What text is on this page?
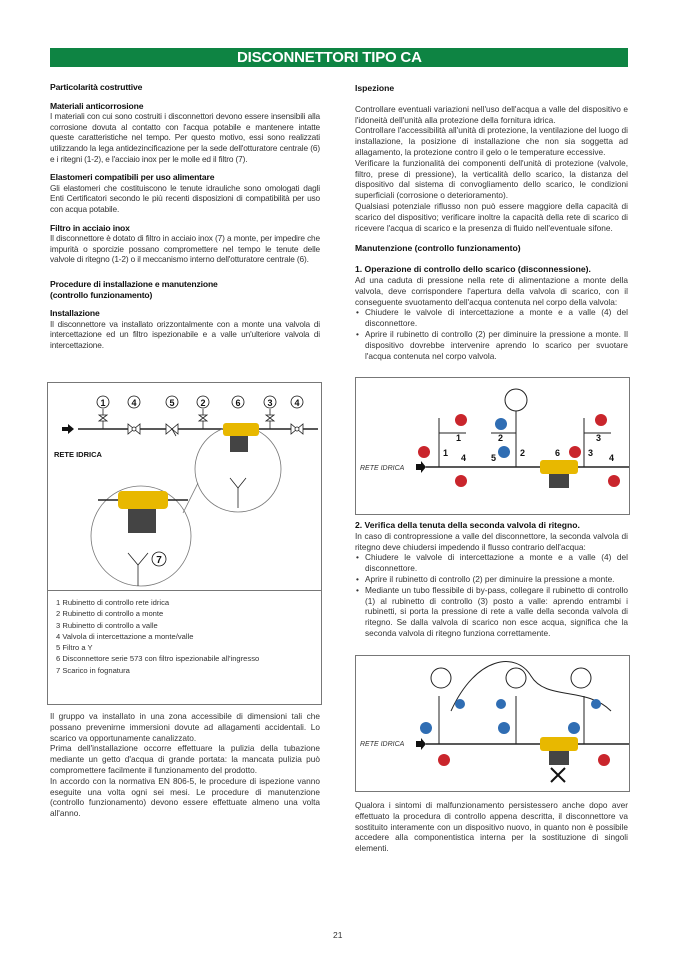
DISCONNETTORI TIPO CA
Particolarità costruttive
Materiali anticorrosione

I materiali con cui sono costruiti i disconnettori devono essere insensibili alla corrosione dovuta al contatto con l'acqua potabile e mantenere intatte queste caratteristiche nel tempo. Per questo motivo, essi sono realizzati utilizzando la lega antidezincificazione per la sede dell'otturatore centrale (6) e i ritegni (1-2), e l'acciaio inox per le molle ed il filtro (7).

Elastomeri compatibili per uso alimentare

Gli elastomeri che costituiscono le tenute idrauliche sono omologati dagli Enti Certificatori secondo le più recenti disposizioni di compatibilità per uso con acqua potabile.

Filtro in acciaio inox

Il disconnettore è dotato di filtro in acciaio inox (7) a monte, per impedire che impurità o sporcizie possano compromettere nel tempo le tenute delle valvole di ritegno (1-2) o il meccanismo interno dell'otturatore centrale (6).

Procedure di installazione e manutenzione
(controllo funzionamento)
Installazione

Il disconnettore va installato orizzontalmente con a monte una valvola di intercettazione ed un filtro ispezionabile e a valle un'ulteriore valvola di intercettazione.

1	4	5	2	6	3 4
7
RETE IDRICA
1 Rubinetto di controllo rete idrica
2 Rubinetto di controllo a monte
3 Rubinetto di controllo a valle
4 Valvola di intercettazione a monte/valle
5 Filtro a Y
6 Disconnettore serie 573 con filtro ispezionabile all'ingresso
7 Scarico in fognatura

Il gruppo va installato in una zona accessibile di dimensioni tali che possano prevenirne immersioni dovute ad allagamenti accidentali. Lo scarico va opportunamente canalizzato.

Prima dell'installazione occorre effettuare la pulizia della tubazione mediante un getto d'acqua di grande portata: la mancata pulizia può compromettere facilmente il funzionamento del prodotto.

In accordo con la normativa EN 806-5, le procedure di ispezione vanno eseguite una volta ogni sei mesi. Le procedure di manutenzione (controllo funzionamento) devono essere effettuate almeno una volta all'anno.

Ispezione

Controllare eventuali variazioni nell'uso dell'acqua a valle del dispositivo e l'idoneità dell'unità alla protezione della fornitura idrica.

Controllare l'accessibilità all'unità di protezione, la ventilazione del luogo di installazione, la posizione di installazione che non sia soggetta ad allagamento, la protezione contro il gelo o le temperature eccessive.

Verificare la funzionalità dei componenti dell'unità di protezione (valvole, filtro, prese di pressione), la verticalità dello scarico, la distanza del dispositivo dal sistema di convogliamento dello scarico, le condizioni superficiali (corrosione o deterioramento).

Qualsiasi potenziale riflusso non può essere maggiore della capacità di scarico del dispositivo; verificare inoltre la capacità della rete di scarico di ricevere l'acqua di scarico e la presenza di fluido nell'eventuale sifone.

Manutenzione (controllo funzionamento)
1. Operazione di controllo dello scarico (disconnessione).

Ad una caduta di pressione nella rete di alimentazione a monte della valvola, deve corrispondere l'apertura della valvola di scarico, con il conseguente svuotamento dell'acqua contenuta nel corpo della valvola:

• Chiudere le valvole di intercettazione a monte e a valle (4) del disconnettore.
• Aprire il rubinetto di controllo (2) per diminuire la pressione a monte. Il dispositivo dovrebbe intervenire aprendo lo scarico per svuotare l'acqua contenuta nel corpo valvola.
RETE IDRICA
1	2	3
1	2	3
4	5	6	4
2. Verifica della tenuta della seconda valvola di ritegno.

In caso di contropressione a valle del disconnettore, la seconda valvola di ritegno deve chiudersi impedendo il flusso contrario dell'acqua:

• Chiudere le valvole di intercettazione a monte e a valle (4) del disconnettore.
• Aprire il rubinetto di controllo (2) per diminuire la pressione a monte.
• Mediante un tubo flessibile di by-pass, collegare il rubinetto di controllo (1) al rubinetto di controllo (3) posto a valle: aprendo entrambi i rubinetti, si porta la pressione di rete a valle della seconda valvola di ritegno. Se dalla valvola di scarico non esce acqua, significa che la seconda valvola di ritegno funziona correttamente.
RETE IDRICA

Qualora i sintomi di malfunzionamento persistessero anche dopo aver effettuato la procedura di controllo appena descritta, il disconnettore va sostituito interamente con un dispositivo nuovo, in quanto non è possibile accedere alla componentistica interna per la sostituzione di singoli elementi.

21
